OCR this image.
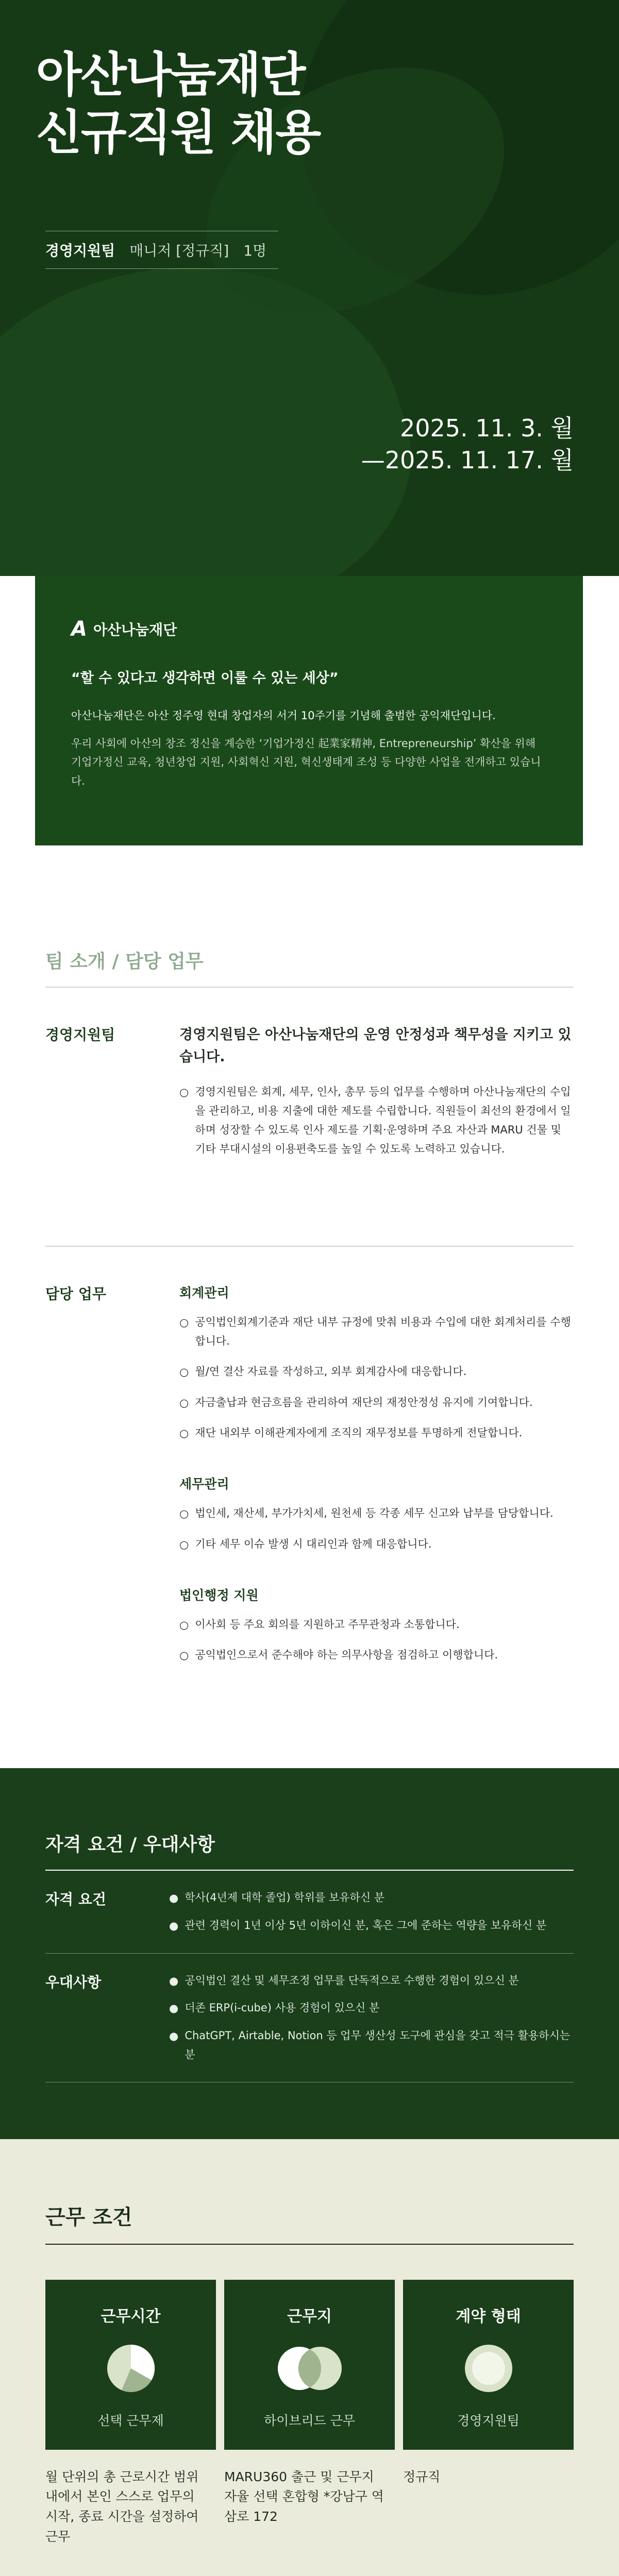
아산나눔재단
신규직원 채용
경영지원팀 매니저 [정규직] 1명
2025. 11. 3. 월
—2025. 11. 17. 월
A 아산나눔재단

“할 수 있다고 생각하면 이룰 수 있는 세상”

아산나눔재단은 아산 정주영 현대 창업자의 서거 10주기를 기념해 출범한 공익재단입니다.

우리 사회에 아산의 창조 정신을 계승한 ‘기업가정신 起業家精神, Entrepreneurship’ 확산을 위해 기업가정신 교육, 청년창업 지원, 사회혁신 지원, 혁신생태계 조성 등 다양한 사업을 전개하고 있습니다.

팀 소개 / 담당 업무
경영지원팀	경영지원팀은 아산나눔재단의 운영 안정성과 책무성을 지키고 있습니다.

○ 경영지원팀은 회계, 세무, 인사, 총무 등의 업무를 수행하며 아산나눔재단의 수입을 관리하고, 비용 지출에 대한 제도를 수립합니다. 직원들이 최선의 환경에서 일하며 성장할 수 있도록 인사 제도를 기획·운영하며 주요 자산과 MARU 건물 및 기타 부대시설의 이용편축도를 높일 수 있도록 노력하고 있습니다.
담당 업무	회계관리
○ 공익법인회계기준과 재단 내부 규정에 맞춰 비용과 수입에 대한 회계처리를 수행합니다.
○ 월/연 결산 자료를 작성하고, 외부 회계감사에 대응합니다.
○ 자금출납과 현금흐름을 관리하여 재단의 재정안정성 유지에 기여합니다.
○ 재단 내외부 이해관계자에게 조직의 재무정보를 투명하게 전달합니다.
세무관리
○ 법인세, 재산세, 부가가치세, 원천세 등 각종 세무 신고와 납부를 담당합니다.
○ 기타 세무 이슈 발생 시 대리인과 함께 대응합니다.
법인행정 지원
○ 이사회 등 주요 회의를 지원하고 주무관청과 소통합니다.
○ 공익법인으로서 준수해야 하는 의무사항을 점검하고 이행합니다.
자격 요건 / 우대사항
자격 요건	● 학사(4년제 대학 졸업) 학위를 보유하신 분
● 관련 경력이 1년 이상 5년 이하이신 분, 혹은 그에 준하는 역량을 보유하신 분
우대사항	● 공익법인 결산 및 세무조정 업무를 단독적으로 수행한 경험이 있으신 분
● 더존 ERP(i-cube) 사용 경험이 있으신 분
● ChatGPT, Airtable, Notion 등 업무 생산성 도구에 관심을 갖고 적극 활용하시는 분
근무 조건
근무시간
선택 근무제

월 단위의 총 근로시간 범위 내에서 본인 스스로 업무의 시작, 종료 시간을 설정하여 근무

근무지
하이브리드 근무

MARU360 출근 및 근무지 자율 선택 혼합형 *강남구 역삼로 172

계약 형태
경영지원팀

정규직
